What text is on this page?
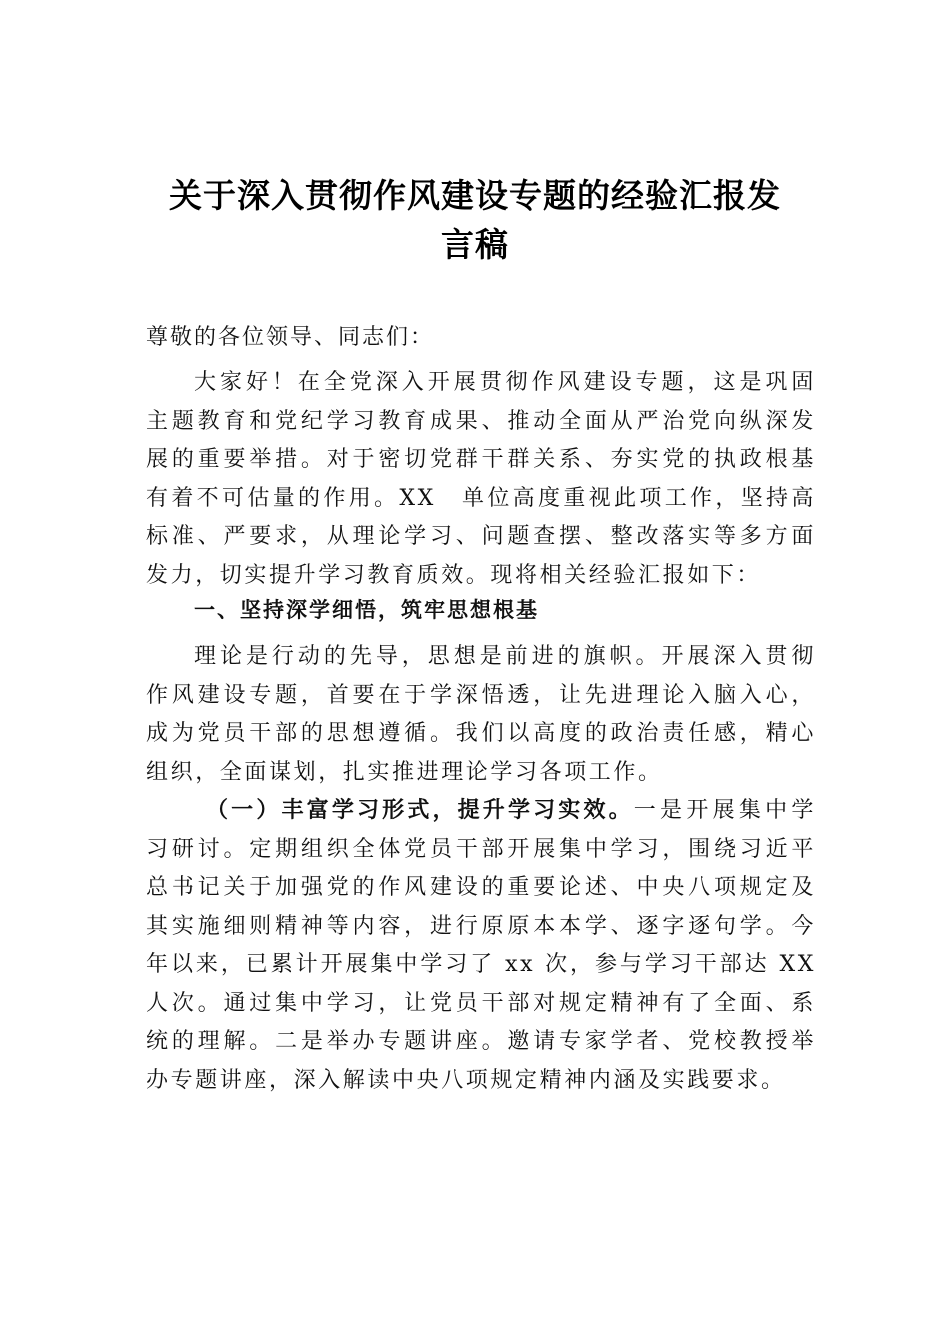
关于深入贯彻作风建设专题的经验汇报发
言稿

尊敬的各位领导、同志们：

大家好！在全党深入开展贯彻作风建设专题，这是巩固
主题教育和党纪学习教育成果、推动全面从严治党向纵深发
展的重要举措。对于密切党群干群关系、夯实党的执政根基
有着不可估量的作用。XX　单位高度重视此项工作，坚持高
标准、严要求，从理论学习、问题查摆、整改落实等多方面
发力，切实提升学习教育质效。现将相关经验汇报如下：
一、坚持深学细悟，筑牢思想根基
理论是行动的先导，思想是前进的旗帜。开展深入贯彻
作风建设专题，首要在于学深悟透，让先进理论入脑入心，
成为党员干部的思想遵循。我们以高度的政治责任感，精心
组织，全面谋划，扎实推进理论学习各项工作。
（一）丰富学习形式，提升学习实效。一是开展集中学
习研讨。定期组织全体党员干部开展集中学习，围绕习近平
总书记关于加强党的作风建设的重要论述、中央八项规定及
其实施细则精神等内容，进行原原本本学、逐字逐句学。今
年以来，已累计开展集中学习了 xx 次，参与学习干部达 XX
人次。通过集中学习，让党员干部对规定精神有了全面、系
统的理解。二是举办专题讲座。邀请专家学者、党校教授举
办专题讲座，深入解读中央八项规定精神内涵及实践要求。
